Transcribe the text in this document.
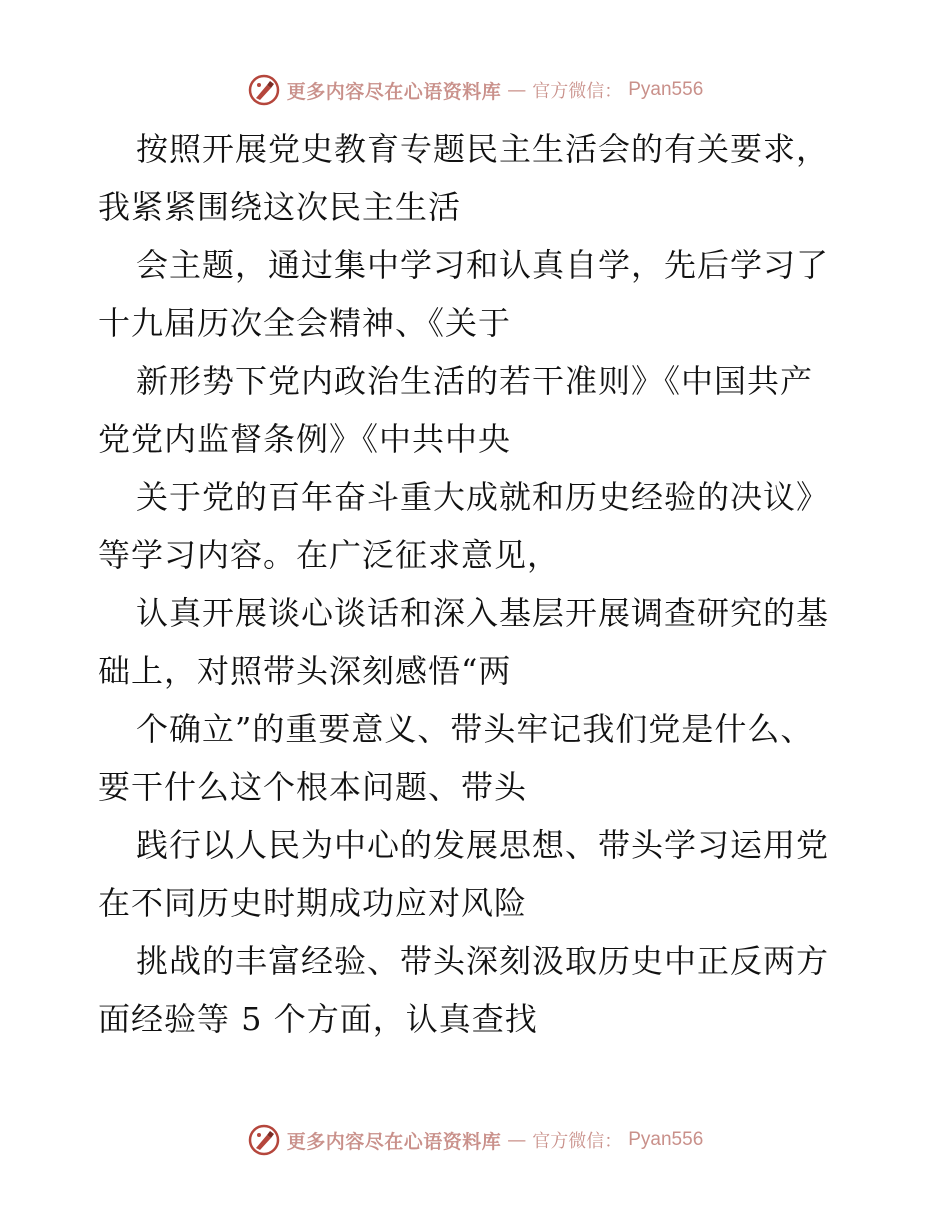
更多内容尽在心语资料库 — 官方微信： Pyan556

按照开展党史教育专题民主生活会的有关要求，
我紧紧围绕这次民主生活

会主题，通过集中学习和认真自学，先后学习了
十九届历次全会精神、《关于

新形势下党内政治生活的若干准则》《中国共产
党党内监督条例》《中共中央

关于党的百年奋斗重大成就和历史经验的决议》
等学习内容。在广泛征求意见，

认真开展谈心谈话和深入基层开展调查研究的基
础上，对照带头深刻感悟“两

个确立”的重要意义、带头牢记我们党是什么、
要干什么这个根本问题、带头

践行以人民为中心的发展思想、带头学习运用党
在不同历史时期成功应对风险

挑战的丰富经验、带头深刻汲取历史中正反两方
面经验等 5 个方面，认真查找

更多内容尽在心语资料库 — 官方微信： Pyan556
